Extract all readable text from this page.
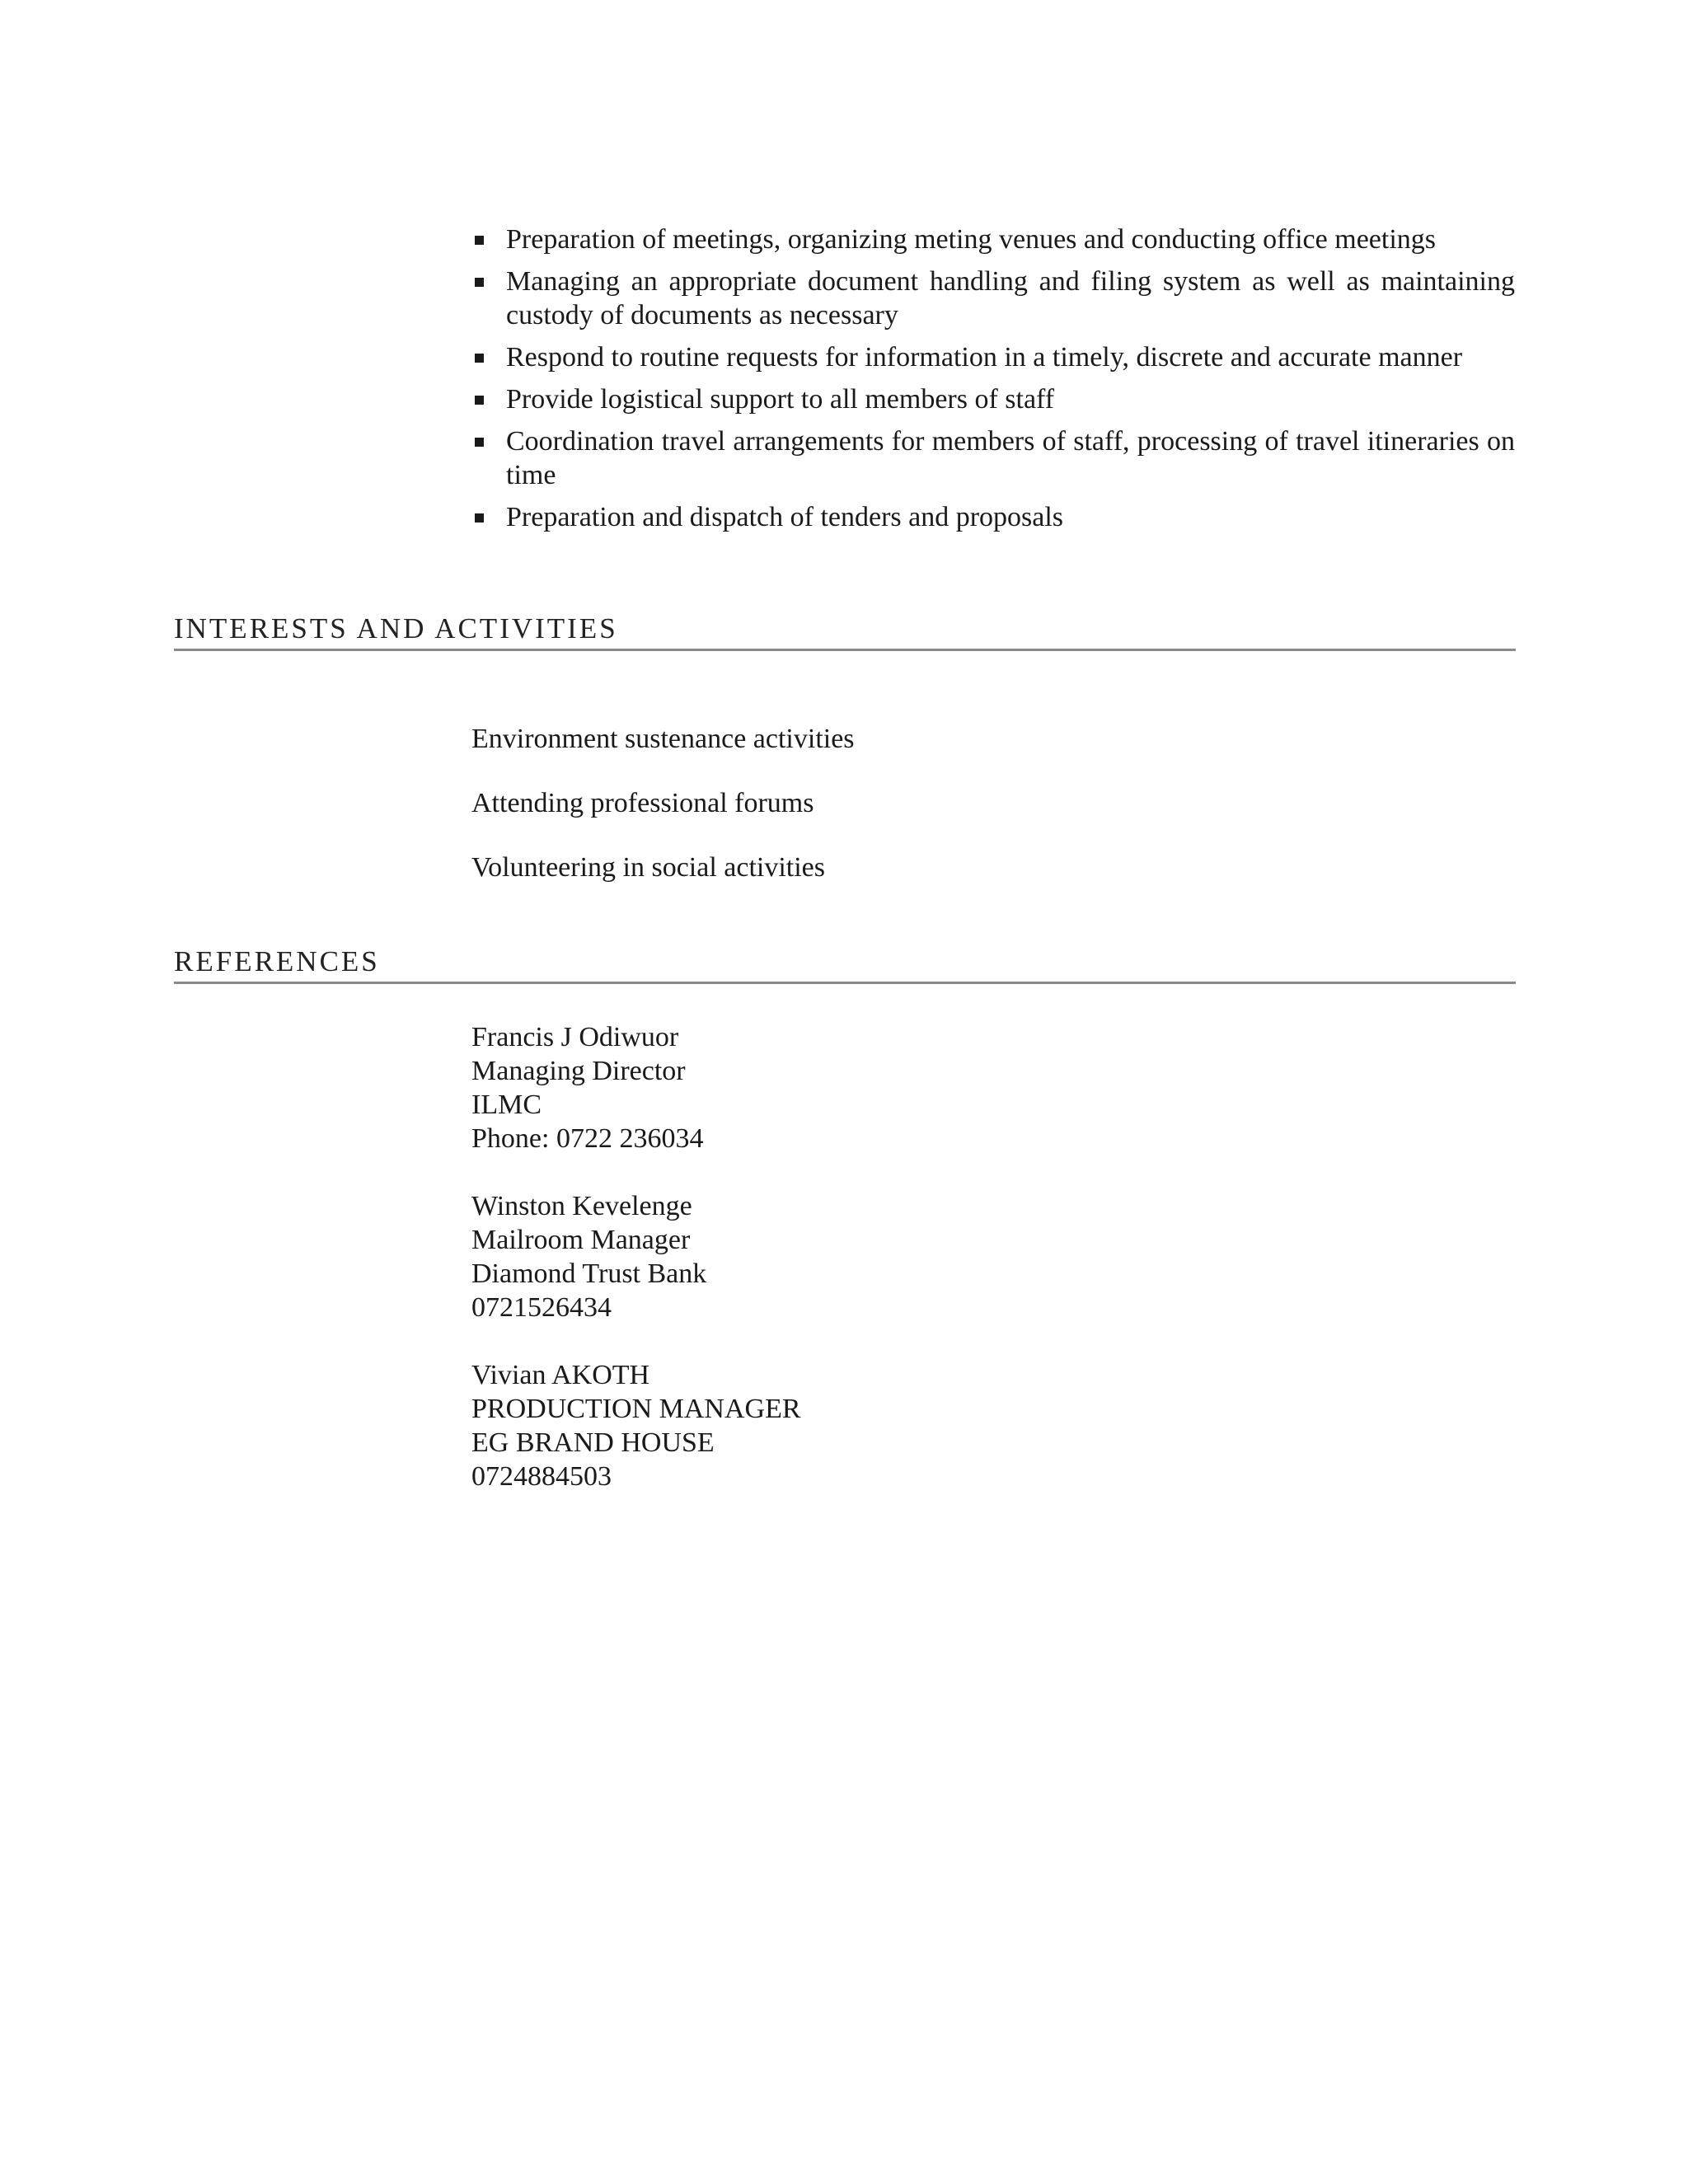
Preparation of meetings, organizing meting venues and conducting office meetings
Managing an appropriate document handling and filing system as well as maintaining custody of documents as necessary
Respond to routine requests for information in a timely, discrete and accurate manner
Provide logistical support to all members of staff
Coordination travel arrangements for members of staff, processing of travel itineraries on time
Preparation and dispatch of tenders and proposals
INTERESTS AND ACTIVITIES
Environment sustenance activities
Attending professional forums
Volunteering in social activities
REFERENCES
Francis J Odiwuor
Managing Director
ILMC
Phone: 0722 236034
Winston Kevelenge
Mailroom Manager
Diamond Trust Bank
0721526434
Vivian AKOTH
PRODUCTION MANAGER
EG BRAND HOUSE
0724884503
